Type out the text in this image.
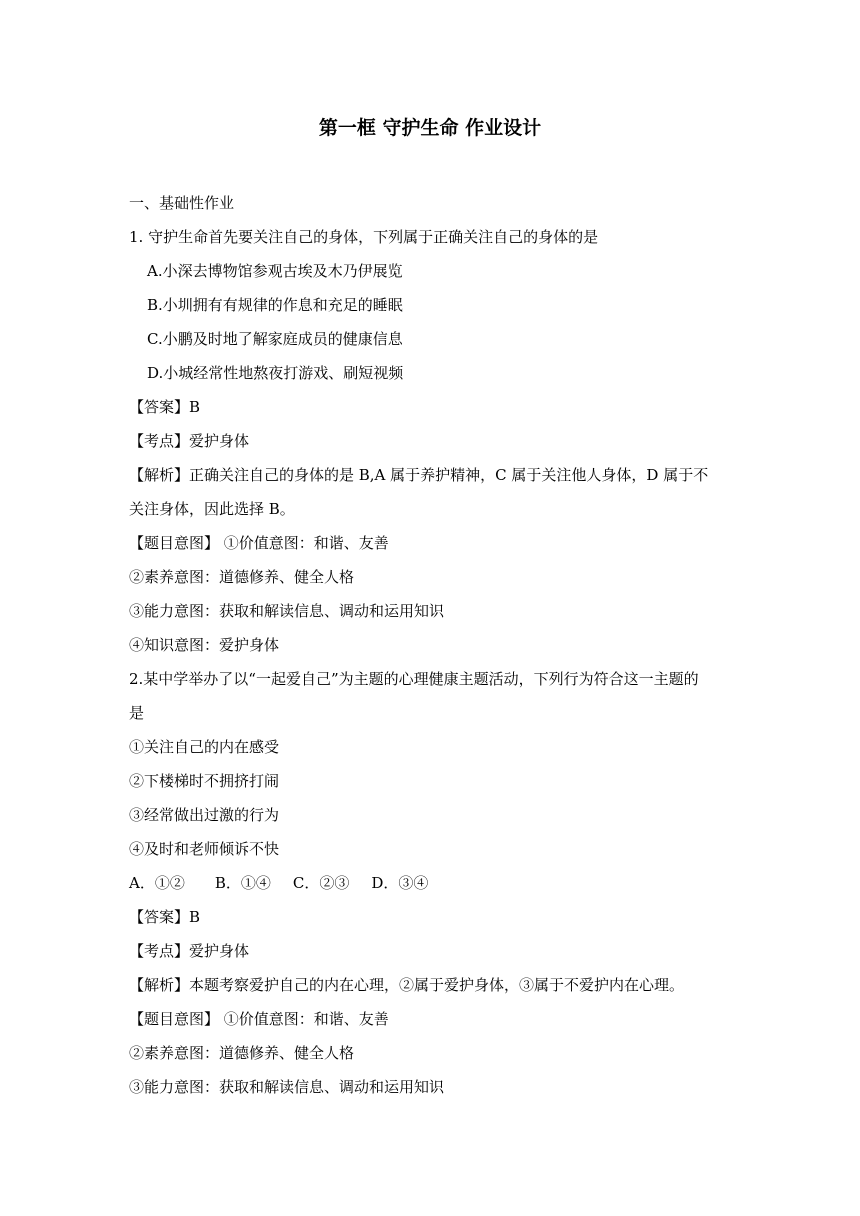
第一框 守护生命 作业设计
一、基础性作业
1. 守护生命首先要关注自己的身体，下列属于正确关注自己的身体的是
A.小深去博物馆参观古埃及木乃伊展览
B.小圳拥有有规律的作息和充足的睡眠
C.小鹏及时地了解家庭成员的健康信息
D.小城经常性地熬夜打游戏、刷短视频
【答案】B
【考点】爱护身体
【解析】正确关注自己的身体的是 B,A 属于养护精神，C 属于关注他人身体，D 属于不
关注身体，因此选择 B。
【题目意图】 ①价值意图：和谐、友善
②素养意图：道德修养、健全人格
③能力意图：获取和解读信息、调动和运用知识
④知识意图：爱护身体
2.某中学举办了以“一起爱自己”为主题的心理健康主题活动，下列行为符合这一主题的
是
①关注自己的内在感受
②下楼梯时不拥挤打闹
③经常做出过激的行为
④及时和老师倾诉不快
A．①② B．①④ C．②③ D．③④
【答案】B
【考点】爱护身体
【解析】本题考察爱护自己的内在心理，②属于爱护身体，③属于不爱护内在心理。
【题目意图】 ①价值意图：和谐、友善
②素养意图：道德修养、健全人格
③能力意图：获取和解读信息、调动和运用知识
